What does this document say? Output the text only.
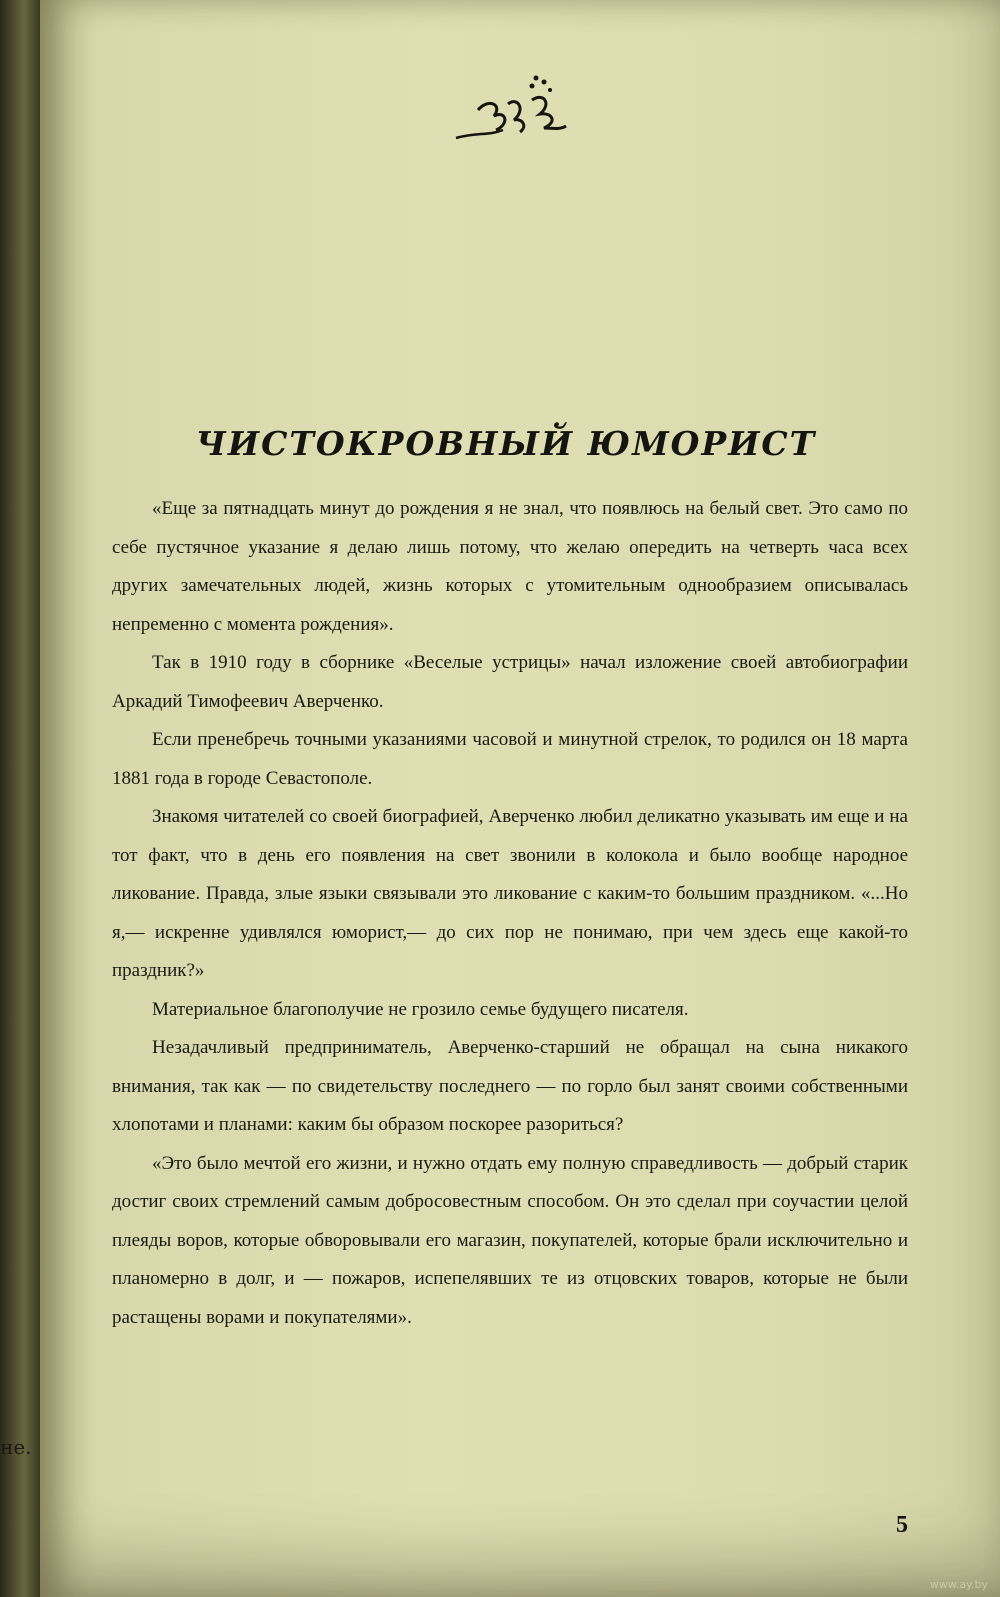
не.
ЧИСТОКРОВНЫЙ ЮМОРИСТ

«Еще за пятнадцать минут до рождения я не знал, что появлюсь на белый свет. Это само по себе пустячное указание я делаю лишь потому, что желаю опередить на четверть часа всех других замечательных людей, жизнь которых с утомительным однообразием описывалась непременно с момента рождения».

Так в 1910 году в сборнике «Веселые устрицы» начал изложение своей автобиографии Аркадий Тимофеевич Аверченко.

Если пренебречь точными указаниями часовой и минутной стрелок, то родился он 18 марта 1881 года в городе Севастополе.

Знакомя читателей со своей биографией, Аверченко любил деликатно указывать им еще и на тот факт, что в день его появления на свет звонили в колокола и было вообще народное ликование. Правда, злые языки связывали это ликование с каким-то большим праздником. «...Но я,— искренне удивлялся юморист,— до сих пор не понимаю, при чем здесь еще какой-то праздник?»

Материальное благополучие не грозило семье будущего писателя.

Незадачливый предприниматель, Аверченко-старший не обращал на сына никакого внимания, так как — по свидетельству последнего — по горло был занят своими собственными хлопотами и планами: каким бы образом поскорее разориться?

«Это было мечтой его жизни, и нужно отдать ему полную справедливость — добрый старик достиг своих стремлений самым добросовестным способом. Он это сделал при соучастии целой плеяды воров, которые обворовывали его магазин, покупателей, которые брали исключительно и планомерно в долг, и — пожаров, испепелявших те из отцовских товаров, которые не были растащены ворами и покупателями».

5
www.ay.by
